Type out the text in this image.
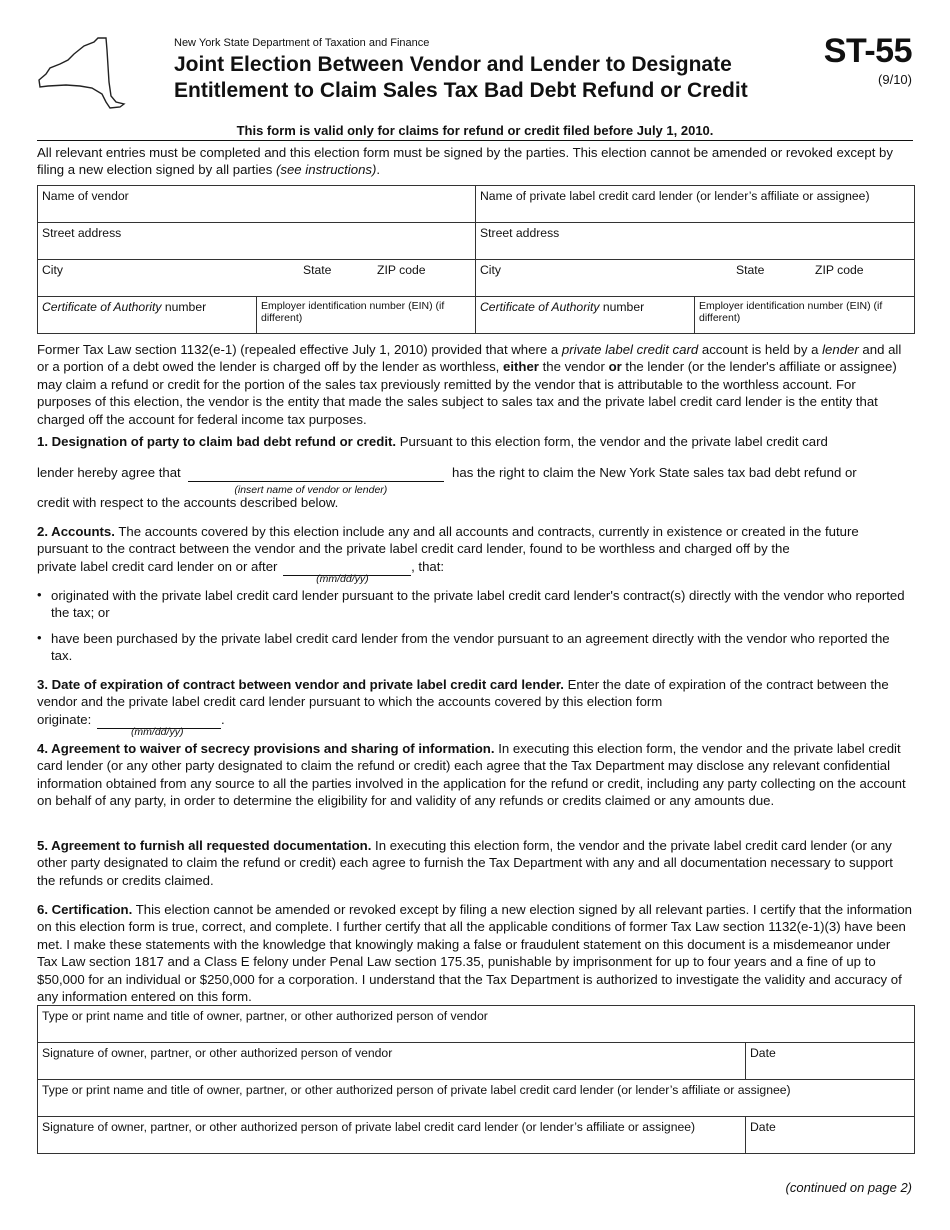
New York State Department of Taxation and Finance
Joint Election Between Vendor and Lender to Designate
Entitlement to Claim Sales Tax Bad Debt Refund or Credit
ST-55
(9/10)
This form is valid only for claims for refund or credit filed before July 1, 2010.
All relevant entries must be completed and this election form must be signed by the parties. This election cannot be amended or revoked except by filing a new election signed by all parties (see instructions).
Name of vendor		Name of private label credit card lender (or lender’s affiliate or assignee)	
Street address		Street address	
City State ZIP code		City State ZIP code	

Certificate of Authority number	Employer identification number (EIN) (if different)	Certificate of Authority number	Employer identification number (EIN) (if different)
Former Tax Law section 1132(e-1) (repealed effective July 1, 2010) provided that where a private label credit card account is held by a lender and all or a portion of a debt owed the lender is charged off by the lender as worthless, either the vendor or the lender (or the lender's affiliate or assignee) may claim a refund or credit for the portion of the sales tax previously remitted by the vendor that is attributable to the worthless account. For purposes of this election, the vendor is the entity that made the sales subject to sales tax and the private label credit card lender is the entity that charged off the account for federal income tax purposes.
1. Designation of party to claim bad debt refund or credit. Pursuant to this election form, the vendor and the private label credit card
lender hereby agree that
(insert name of vendor or lender)
has the right to claim the New York State sales tax bad debt refund or
credit with respect to the accounts described below.
2. Accounts. The accounts covered by this election include any and all accounts and contracts, currently in existence or created in the future pursuant to the contract between the vendor and the private label credit card lender, found to be worthless and charged off by the
private label credit card lender on or after
(mm/dd/yy)
, that:
• originated with the private label credit card lender pursuant to the private label credit card lender's contract(s) directly with the vendor who reported the tax; or
• have been purchased by the private label credit card lender from the vendor pursuant to an agreement directly with the vendor who reported the tax.
3. Date of expiration of contract between vendor and private label credit card lender. Enter the date of expiration of the contract between the vendor and the private label credit card lender pursuant to which the accounts covered by this election form
originate:
(mm/dd/yy)
.
4. Agreement to waiver of secrecy provisions and sharing of information. In executing this election form, the vendor and the private label credit card lender (or any other party designated to claim the refund or credit) each agree that the Tax Department may disclose any relevant confidential information obtained from any source to all the parties involved in the application for the refund or credit, including any party collecting on the account on behalf of any party, in order to determine the eligibility for and validity of any refunds or credits claimed or any amounts due.
5. Agreement to furnish all requested documentation. In executing this election form, the vendor and the private label credit card lender (or any other party designated to claim the refund or credit) each agree to furnish the Tax Department with any and all documentation necessary to support the refunds or credits claimed.
6. Certification. This election cannot be amended or revoked except by filing a new election signed by all relevant parties. I certify that the information on this election form is true, correct, and complete. I further certify that all the applicable conditions of former Tax Law section 1132(e-1)(3) have been met. I make these statements with the knowledge that knowingly making a false or fraudulent statement on this document is a misdemeanor under Tax Law section 1817 and a Class E felony under Penal Law section 175.35, punishable by imprisonment for up to four years and a fine of up to $50,000 for an individual or $250,000 for a corporation. I understand that the Tax Department is authorized to investigate the validity and accuracy of any information entered on this form.
Type or print name and title of owner, partner, or other authorized person of vendor	
Signature of owner, partner, or other authorized person of vendor	Date
Type or print name and title of owner, partner, or other authorized person of private label credit card lender (or lender’s affiliate or assignee)	
Signature of owner, partner, or other authorized person of private label credit card lender (or lender’s affiliate or assignee)	Date
(continued on page 2)
